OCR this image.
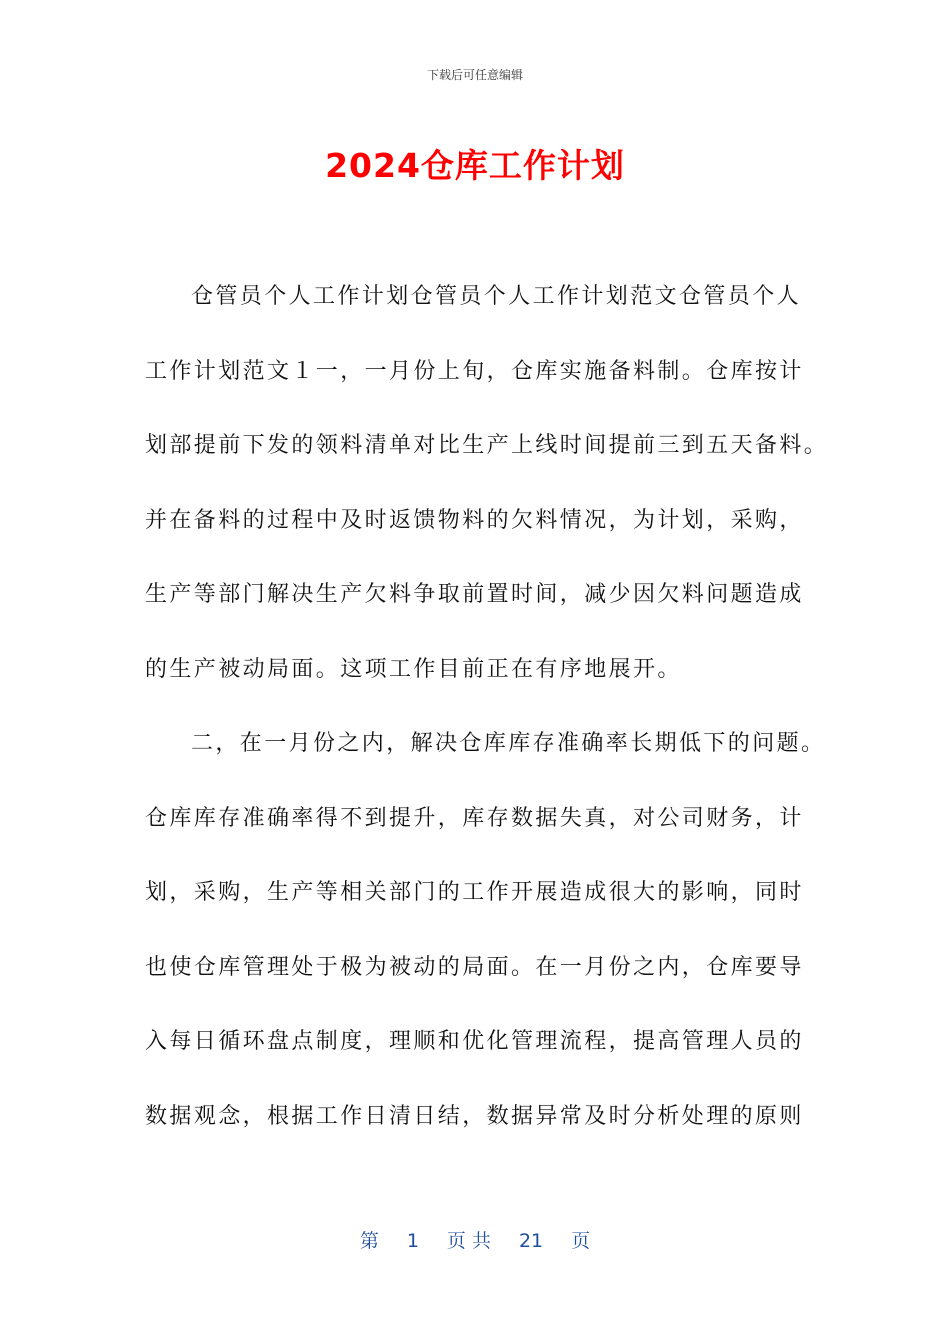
下载后可任意编辑
2024仓库工作计划
仓管员个人工作计划仓管员个人工作计划范文仓管员个人
工作计划范文１一，一月份上旬，仓库实施备料制。仓库按计
划部提前下发的领料清单对比生产上线时间提前三到五天备料。
并在备料的过程中及时返馈物料的欠料情况，为计划，采购，
生产等部门解决生产欠料争取前置时间，减少因欠料问题造成
的生产被动局面。这项工作目前正在有序地展开。
二，在一月份之内，解决仓库库存准确率长期低下的问题。
仓库库存准确率得不到提升，库存数据失真，对公司财务，计
划，采购，生产等相关部门的工作开展造成很大的影响，同时
也使仓库管理处于极为被动的局面。在一月份之内，仓库要导
入每日循环盘点制度，理顺和优化管理流程，提高管理人员的
数据观念，根据工作日清日结，数据异常及时分析处理的原则
第 1 页 共 21 页
